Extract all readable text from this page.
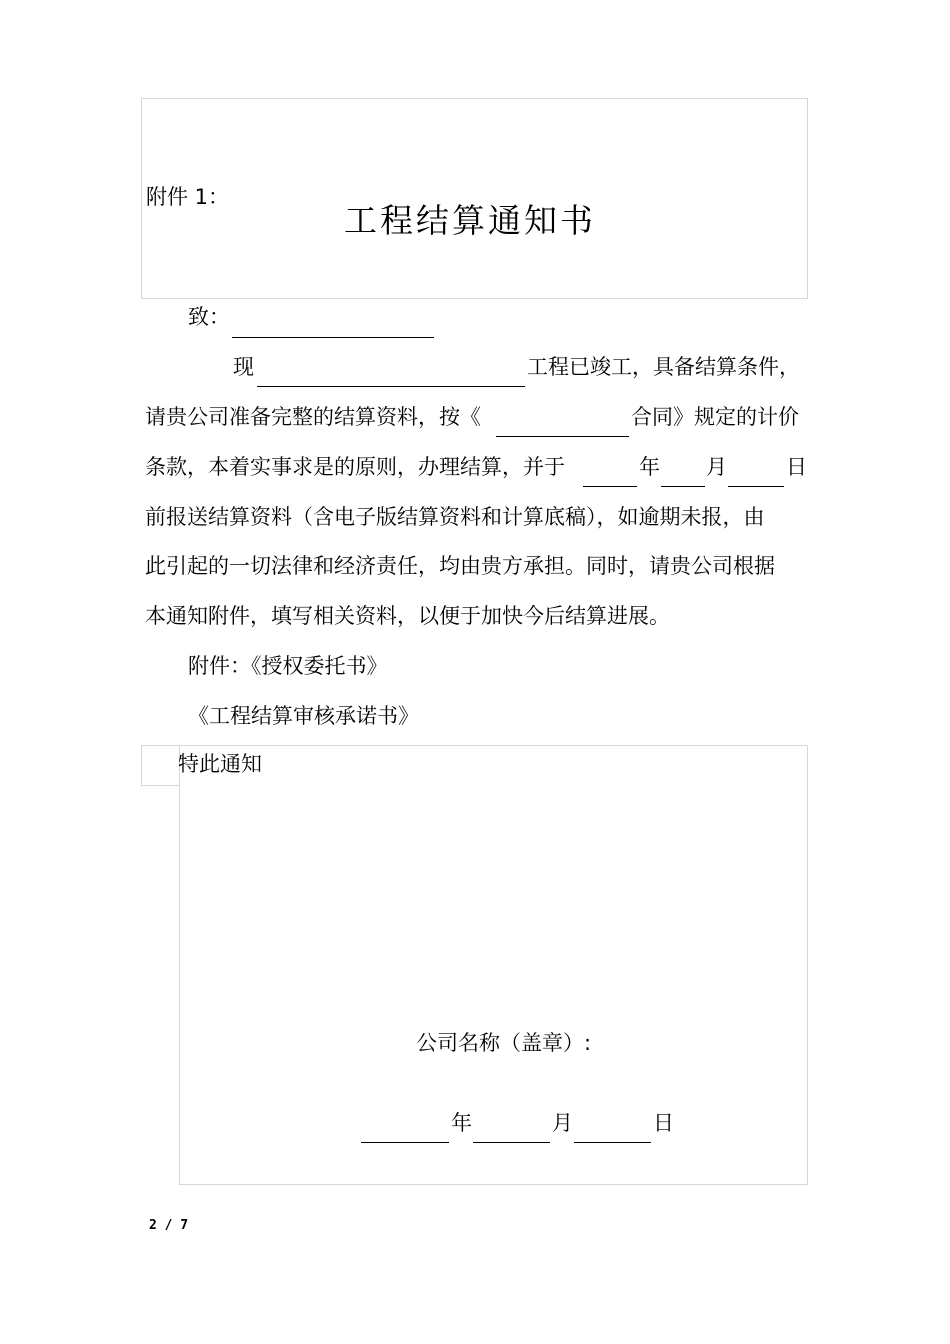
附件 1：
工程结算通知书
致：
现	工程已竣工，具备结算条件，
请贵公司准备完整的结算资料，按《	合同》规定的计价
条款，本着实事求是的原则，办理结算，并于	年 月	日
前报送结算资料（含电子版结算资料和计算底稿），如逾期未报，由
此引起的一切法律和经济责任，均由贵方承担。同时，请贵公司根据
本通知附件，填写相关资料，以便于加快今后结算进展。
附件：《授权委托书》
《工程结算审核承诺书》
特此通知
公司名称（盖章）:
年	月	日
2 / 7
